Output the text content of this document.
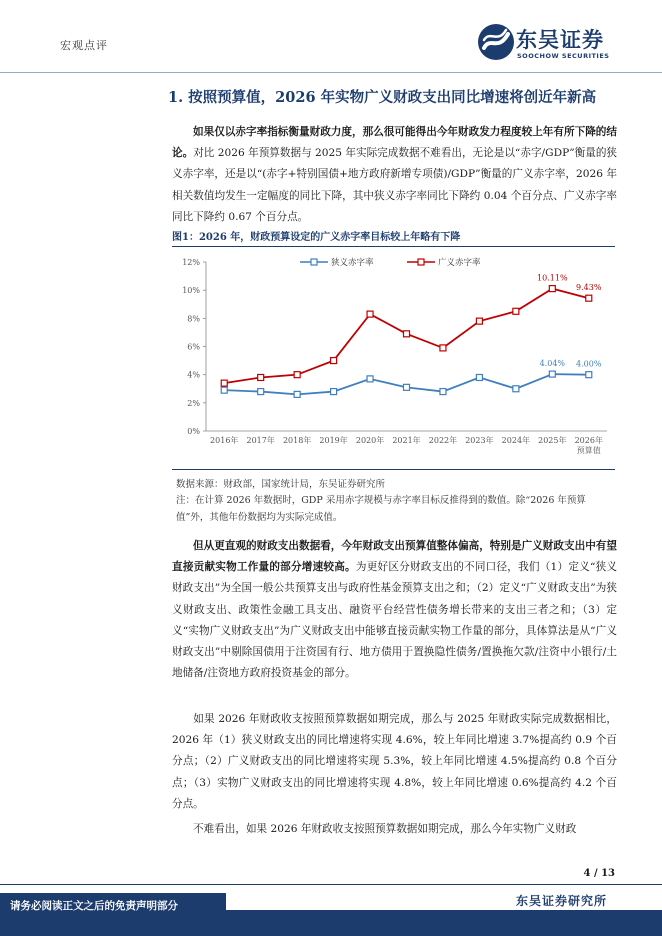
宏观点评	东吴证券
SOOCHOW SECURITIES
1. 按照预算值，2026 年实物广义财政支出同比增速将创近年新高
如果仅以赤字率指标衡量财政力度，那么很可能得出今年财政发力程度较上年有所下降的结论。对比 2026 年预算数据与 2025 年实际完成数据不难看出，无论是以“赤字/GDP”衡量的狭义赤字率，还是以“(赤字+特别国债+地方政府新增专项债)/GDP”衡量的广义赤字率，2026 年相关数值均发生一定幅度的同比下降，其中狭义赤字率同比下降约 0.04 个百分点、广义赤字率同比下降约 0.67 个百分点。
图1：2026 年，财政预算设定的广义赤字率目标较上年略有下降
狭义赤字率	广义赤字率
0%
2%
4%
6%
8%
10%
12%
2016年 2017年 2018年 2019年 2020年 2021年 2022年 2023年 2024年 2025年 2026年预算值
4.04% 4.00%
10.11%
9.43%
数据来源：财政部，国家统计局，东吴证券研究所
注：在计算 2026 年数据时，GDP 采用赤字规模与赤字率目标反推得到的数值。除“2026 年预算值”外，其他年份数据均为实际完成值。
但从更直观的财政支出数据看，今年财政支出预算值整体偏高，特别是广义财政支出中有望直接贡献实物工作量的部分增速较高。为更好区分财政支出的不同口径，我们（1）定义“狭义财政支出”为全国一般公共预算支出与政府性基金预算支出之和；（2）定义“广义财政支出”为狭义财政支出、政策性金融工具支出、融资平台经营性债务增长带来的支出三者之和；（3）定义“实物广义财政支出”为广义财政支出中能够直接贡献实物工作量的部分，具体算法是从“广义财政支出”中剔除国债用于注资国有行、地方债用于置换隐性债务/置换拖欠款/注资中小银行/土地储备/注资地方政府投资基金的部分。
如果 2026 年财政收支按照预算数据如期完成，那么与 2025 年财政实际完成数据相比，2026 年（1）狭义财政支出的同比增速将实现 4.6%，较上年同比增速 3.7%提高约 0.9 个百分点；（2）广义财政支出的同比增速将实现 5.3%，较上年同比增速 4.5%提高约 0.8 个百分点；（3）实物广义财政支出的同比增速将实现 4.8%，较上年同比增速 0.6%提高约 4.2 个百分点。
不难看出，如果 2026 年财政收支按照预算数据如期完成，那么今年实物广义财政
4 / 13
东吴证券研究所
请务必阅读正文之后的免责声明部分
